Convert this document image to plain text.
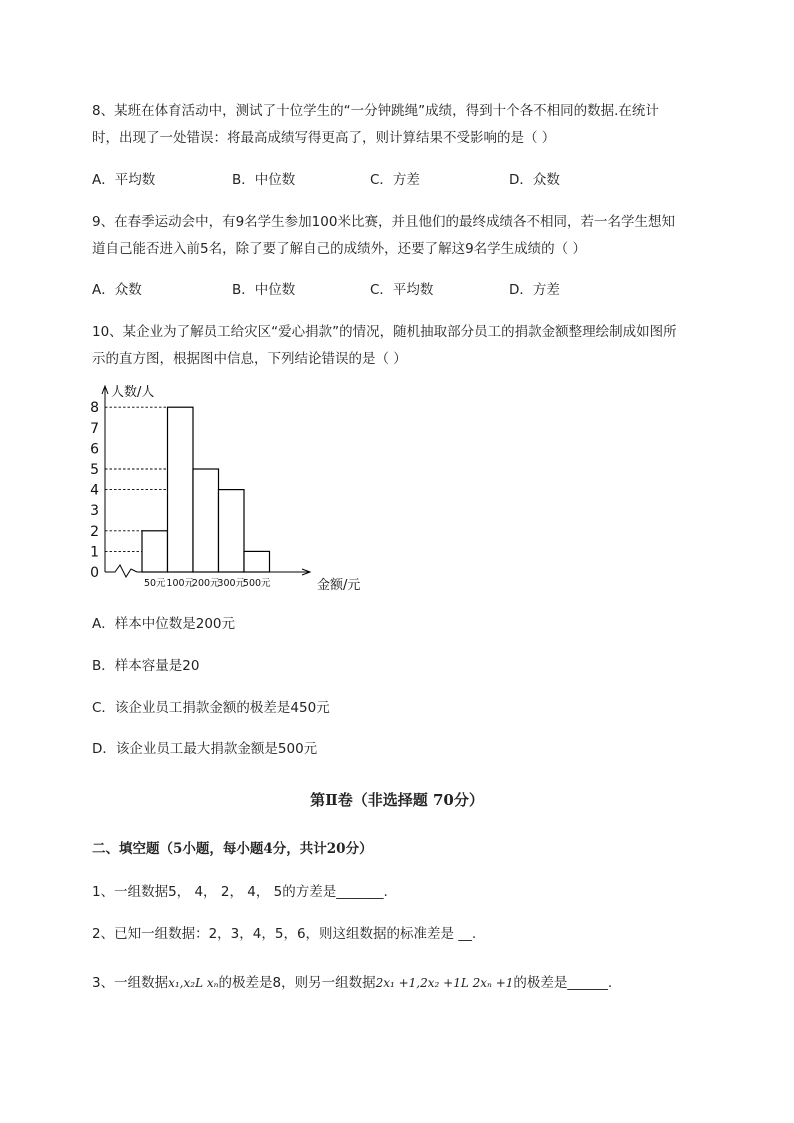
8、某班在体育活动中，测试了十位学生的“一分钟跳绳”成绩，得到十个各不相同的数据.在统计
时，出现了一处错误：将最高成绩写得更高了，则计算结果不受影响的是（ ）
A．平均数	B．中位数	C．方差	D．众数
9、在春季运动会中，有9名学生参加100米比赛，并且他们的最终成绩各不相同，若一名学生想知
道自己能否进入前5名，除了要了解自己的成绩外，还要了解这9名学生成绩的（ ）
A．众数	B．中位数	C．平均数	D．方差
10、某企业为了解员工给灾区“爱心捐款”的情况，随机抽取部分员工的捐款金额整理绘制成如图所
示的直方图，根据图中信息，下列结论错误的是（ ）
0
1
2
3
4
5
6
7
8
50元 100元
200元
300元
500元
人数/人
金额/元
A．样本中位数是200元
B．样本容量是20
C．该企业员工捐款金额的极差是450元
D．该企业员工最大捐款金额是500元
第Ⅱ卷（非选择题 70分）
二、填空题（5小题，每小题4分，共计20分）
1、一组数据5， 4， 2， 4， 5的方差是_______.
2、已知一组数据：2，3，4，5，6，则这组数据的标准差是 __.
3、一组数据x₁,x₂L xₙ的极差是8，则另一组数据2x₁ +1,2x₂ +1L 2xₙ +1的极差是______.
